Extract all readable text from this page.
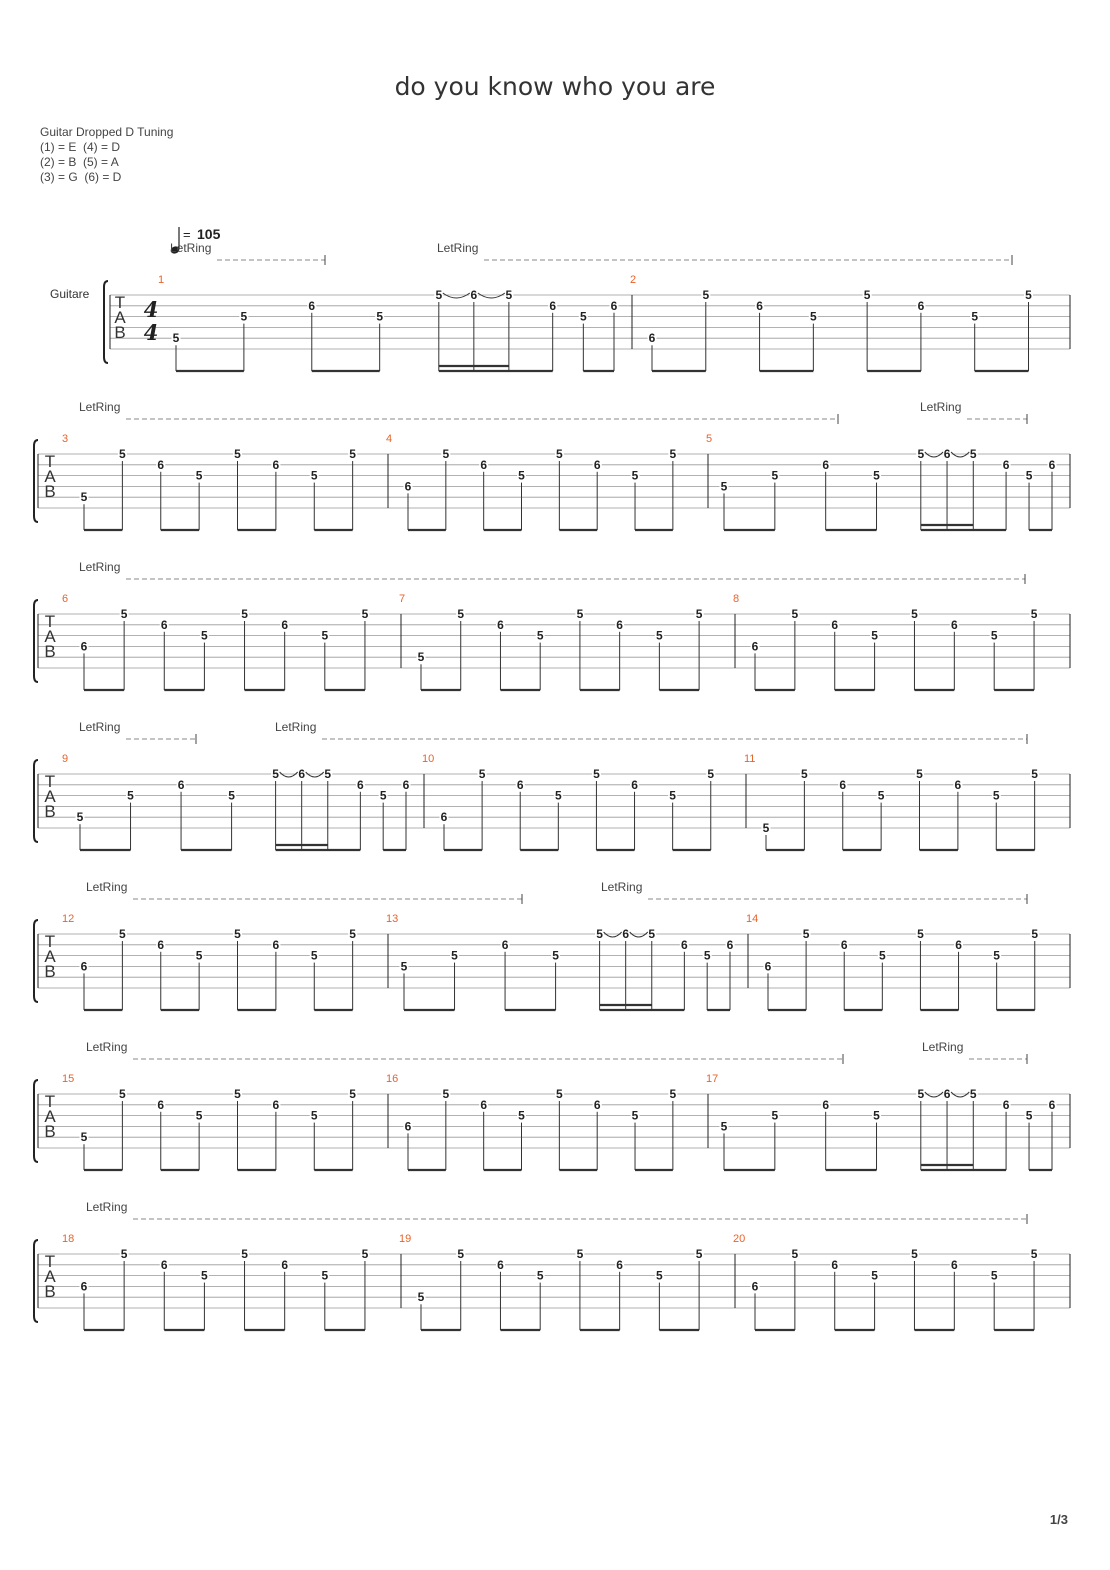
do you know who you are
Guitar Dropped D Tuning
(1) = E  (4) = D
(2) = B  (5) = A
(3) = G  (6) = D
T
A
B
Guitare
4
4
= 105
LetRing	LetRing
1
5
5
6
5
5 6 5
6
5
6
2
6
5
6
5
5
6
5
5
T
A
B
LetRing	LetRing
3
5
5
6
5
5
6
5
5
4
6
5
6
5
5
6
5
5
5
5
5
6
5
5 6 5
6
5
6
T
A
B
LetRing
6
6
5
6
5
5
6
5
5
7
5
5
6
5
5
6
5
5
8
6
5
6
5
5
6
5
5
T
A
B
LetRing	LetRing
9
5
5
6
5
5 6 5
6
5
6
10
6
5
6
5
5
6
5
5
11
5
5
6
5
5
6
5
5
T
A
B
LetRing	LetRing
12
6
5
6
5
5
6
5
5
13
5
5
6
5
5 6 5
6
5
6
14
6
5
6
5
5
6
5
5
T
A
B
LetRing	LetRing
15
5
5
6
5
5
6
5
5
16
6
5
6
5
5
6
5
5
17
5
5
6
5
5 6 5
6
5
6
T
A
B
LetRing
18
6
5
6
5
5
6
5
5
19
5
5
6
5
5
6
5
5
20
6
5
6
5
5
6
5
5
1/3
